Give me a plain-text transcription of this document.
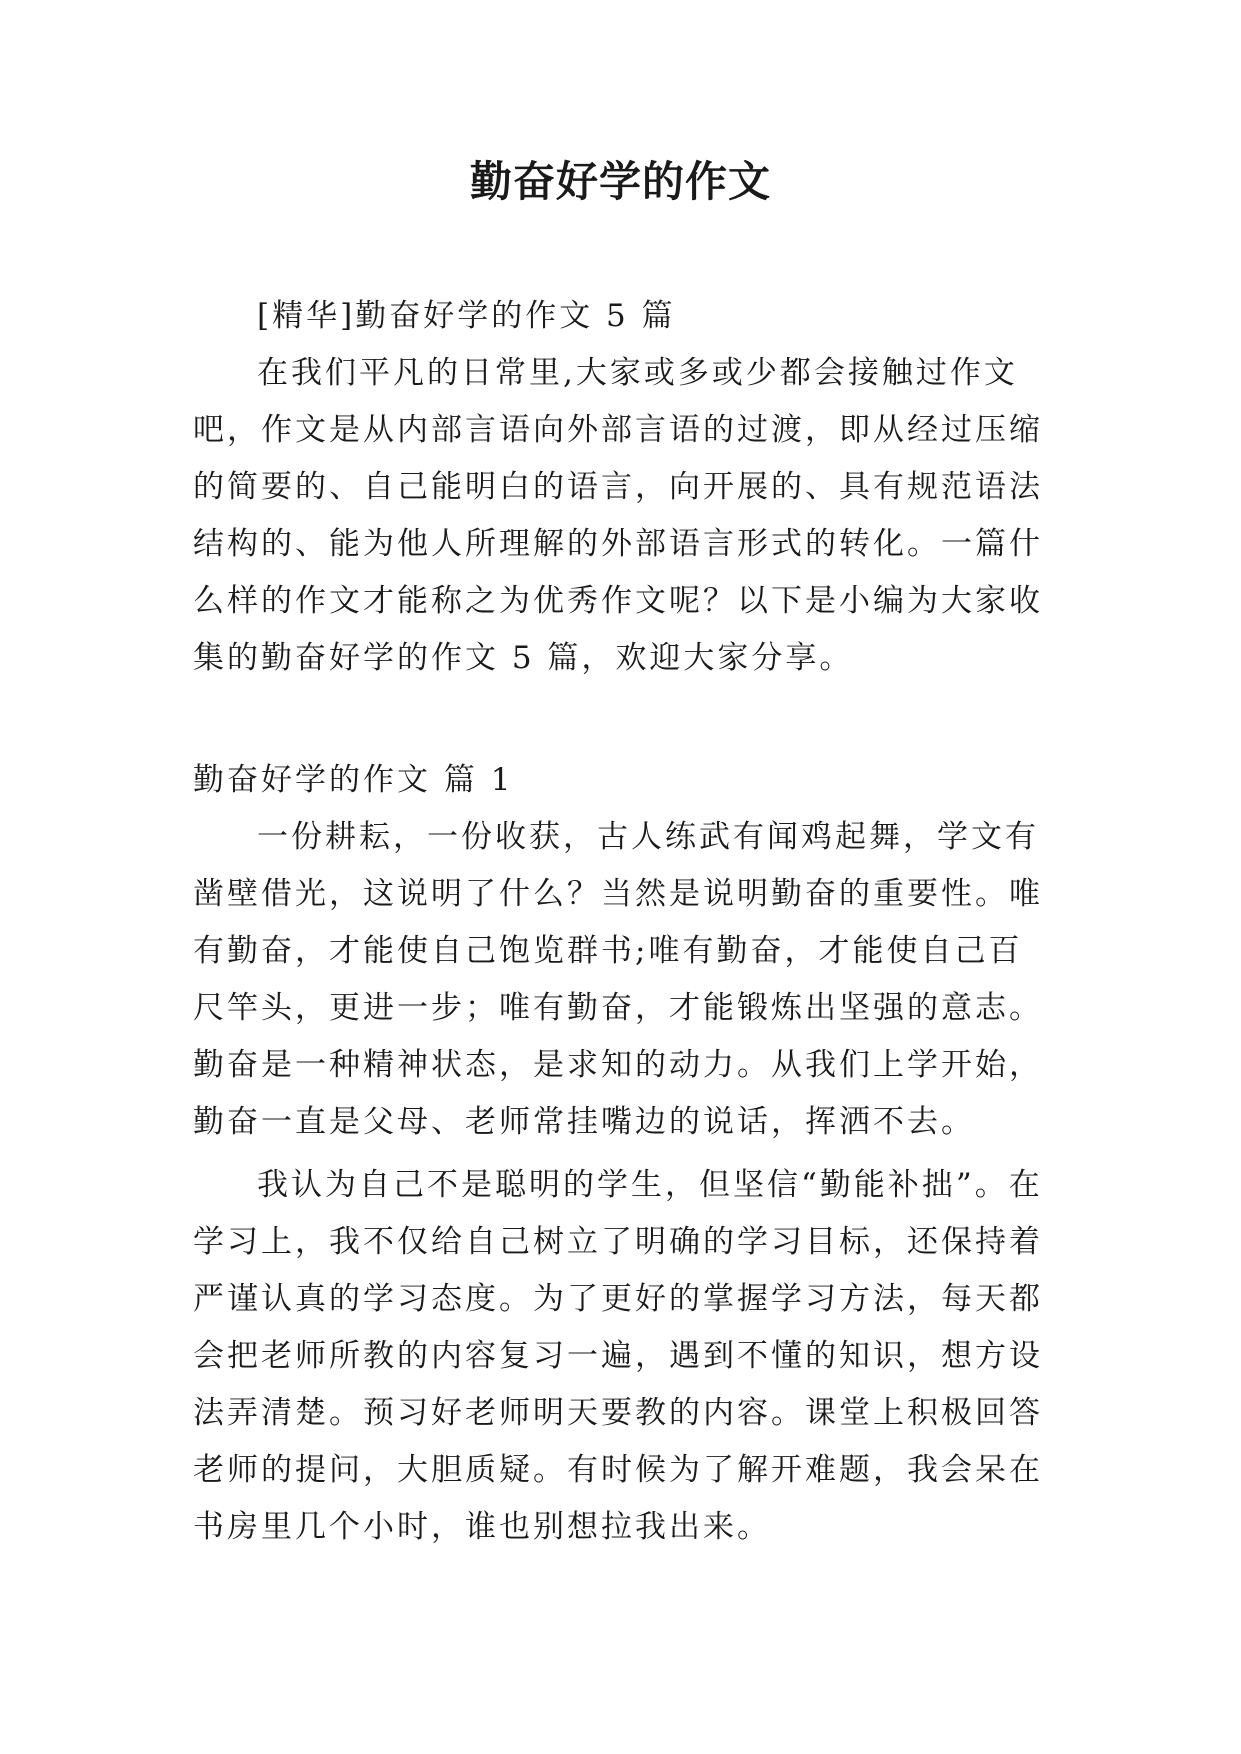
勤奋好学的作文

[精华]勤奋好学的作文 5 篇

在我们平凡的日常里,大家或多或少都会接触过作文吧，作文是从内部言语向外部言语的过渡，即从经过压缩的简要的、自己能明白的语言，向开展的、具有规范语法结构的、能为他人所理解的外部语言形式的转化。一篇什么样的作文才能称之为优秀作文呢？以下是小编为大家收集的勤奋好学的作文 5 篇，欢迎大家分享。

勤奋好学的作文 篇 1

一份耕耘，一份收获，古人练武有闻鸡起舞，学文有凿壁借光，这说明了什么？当然是说明勤奋的重要性。唯有勤奋，才能使自己饱览群书;唯有勤奋，才能使自己百尺竿头，更进一步；唯有勤奋，才能锻炼出坚强的意志。勤奋是一种精神状态，是求知的动力。从我们上学开始，勤奋一直是父母、老师常挂嘴边的说话，挥洒不去。

我认为自己不是聪明的学生，但坚信“勤能补拙”。在学习上，我不仅给自己树立了明确的学习目标，还保持着严谨认真的学习态度。为了更好的掌握学习方法，每天都会把老师所教的内容复习一遍，遇到不懂的知识，想方设法弄清楚。预习好老师明天要教的内容。课堂上积极回答老师的提问，大胆质疑。有时候为了解开难题，我会呆在书房里几个小时，谁也别想拉我出来。
